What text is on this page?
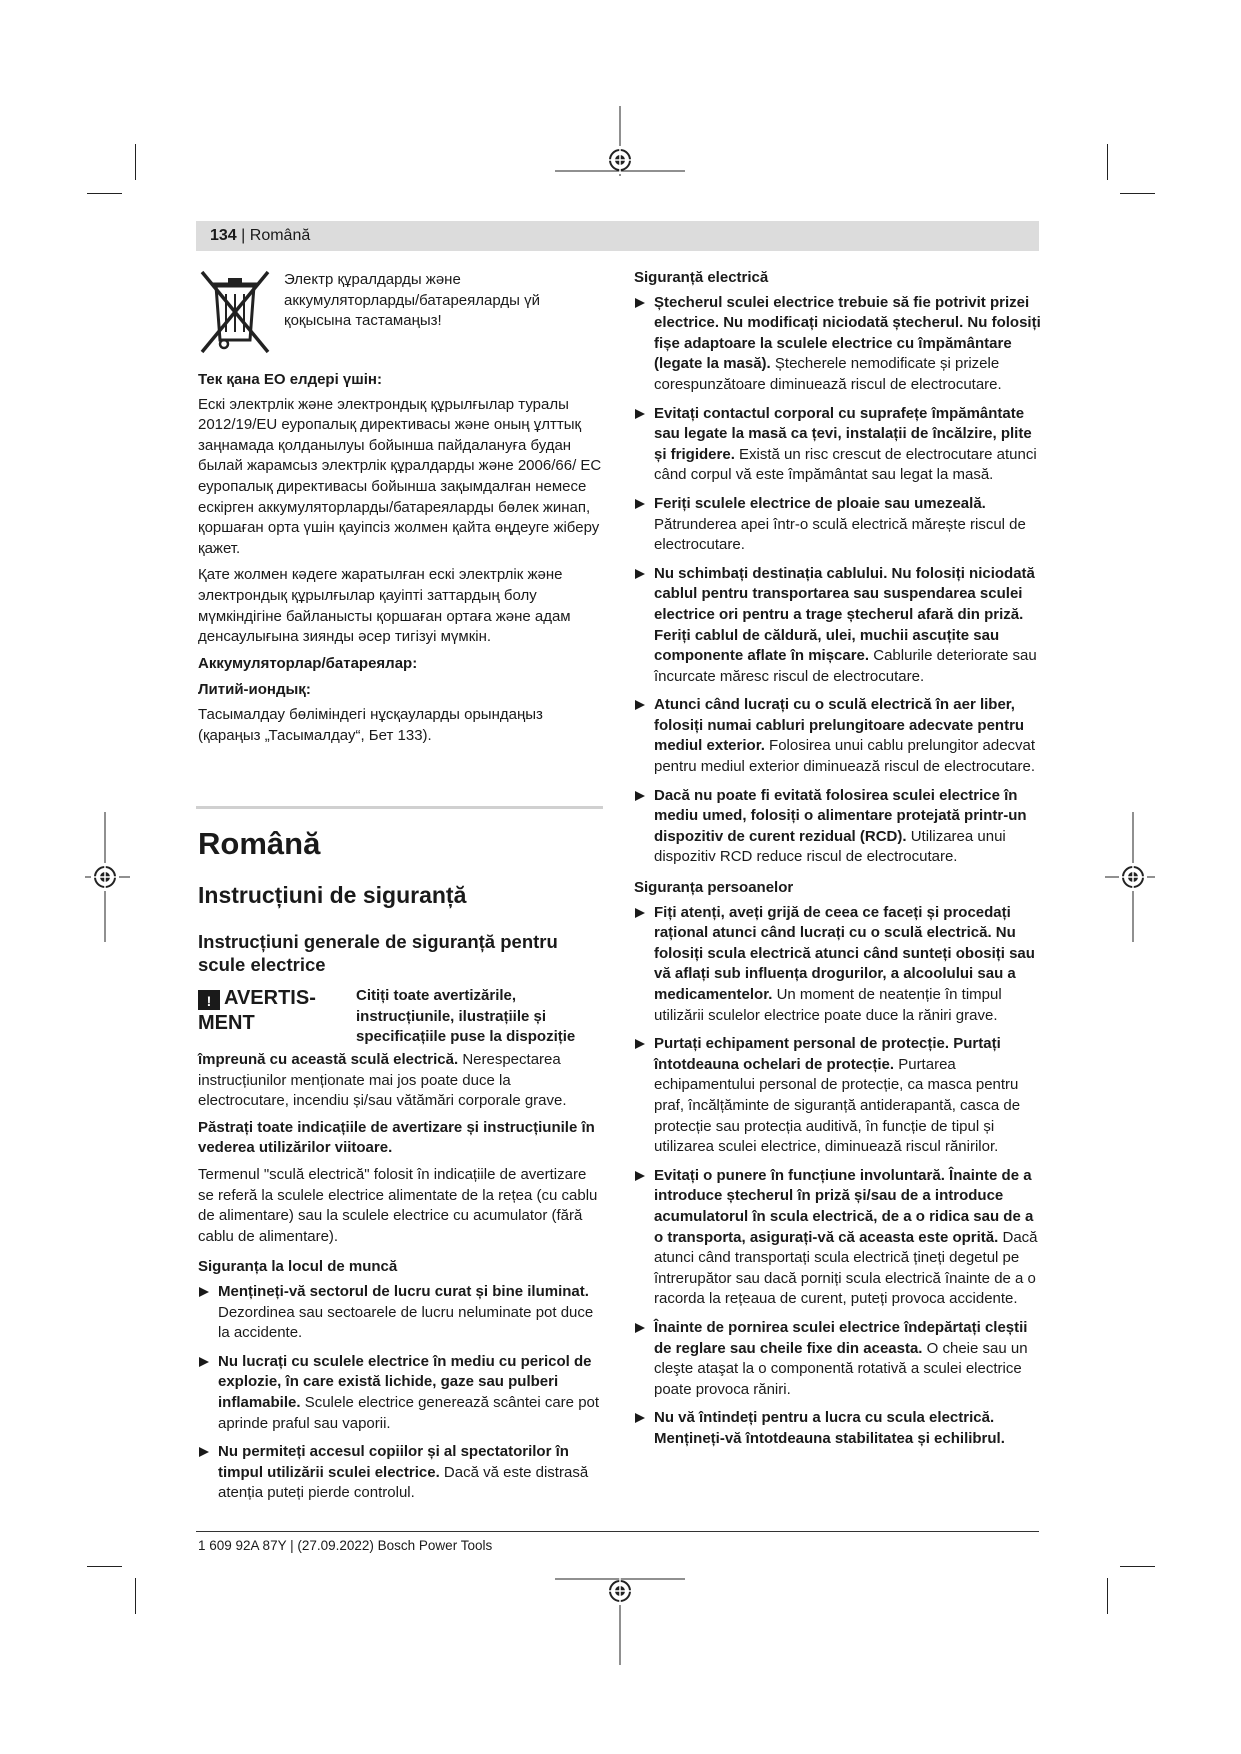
134 | Română
Электр құралдарды және аккумуляторларды/батареяларды үй қоқысына тастамаңыз!

Тек қана ЕО елдері үшін:

Ескі электрлік және электрондық құрылғылар туралы 2012/19/EU еуропалық директивасы және оның ұлттық заңнамада қолданылуы бойынша пайдалануға будан былай жарамсыз электрлік құралдарды және 2006/66/ EC еуропалық директивасы бойынша зақымдалған немесе ескірген аккумуляторларды/батареяларды бөлек жинап, қоршаған орта үшін қауіпсіз жолмен қайта өңдеуге жіберу қажет.

Қате жолмен кәдеге жаратылған ескі электрлік және электрондық құрылғылар қауіпті заттардың болу мүмкіндігіне байланысты қоршаған ортаға және адам денсаулығына зиянды әсер тигізуі мүмкін.

Аккумуляторлар/батареялар:

Литий-иондық:

Тасымалдау бөліміндегі нұсқауларды орындаңыз (қараңыз „Тасымалдау“, Бет 133).

Română
Instrucțiuni de siguranță
Instrucțiuni generale de siguranță pentru scule electrice
! AVERTIS- MENT
Citiți toate avertizările, instrucțiunile, ilustrațiile și specificațiile puse la dispoziție

împreună cu această sculă electrică. Nerespectarea instrucțiunilor menționate mai jos poate duce la electrocutare, incendiu și/sau vătămări corporale grave.

Păstrați toate indicațiile de avertizare și instrucțiunile în vederea utilizărilor viitoare.

Termenul "sculă electrică" folosit în indicațiile de avertizare se referă la sculele electrice alimentate de la rețea (cu cablu de alimentare) sau la sculele electrice cu acumulator (fără cablu de alimentare).

Siguranța la locul de muncă

Mențineți-vă sectorul de lucru curat și bine iluminat. Dezordinea sau sectoarele de lucru neluminate pot duce la accidente.
Nu lucrați cu sculele electrice în mediu cu pericol de explozie, în care există lichide, gaze sau pulberi inflamabile. Sculele electrice generează scântei care pot aprinde praful sau vaporii.
Nu permiteți accesul copiilor și al spectatorilor în timpul utilizării sculei electrice. Dacă vă este distrasă atenția puteți pierde controlul.

Siguranță electrică

Ștecherul sculei electrice trebuie să fie potrivit prizei electrice. Nu modificați niciodată ștecherul. Nu folosiți fișe adaptoare la sculele electrice cu împământare (legate la masă). Ștecherele nemodificate și prizele corespunzătoare diminuează riscul de electrocutare.
Evitați contactul corporal cu suprafețe împământate sau legate la masă ca țevi, instalații de încălzire, plite și frigidere. Există un risc crescut de electrocutare atunci când corpul vă este împământat sau legat la masă.
Feriți sculele electrice de ploaie sau umezeală. Pătrunderea apei într-o sculă electrică mărește riscul de electrocutare.
Nu schimbați destinația cablului. Nu folosiți niciodată cablul pentru transportarea sau suspendarea sculei electrice ori pentru a trage ștecherul afară din priză. Feriți cablul de căldură, ulei, muchii ascuțite sau componente aflate în mișcare. Cablurile deteriorate sau încurcate măresc riscul de electrocutare.
Atunci când lucrați cu o sculă electrică în aer liber, folosiți numai cabluri prelungitoare adecvate pentru mediul exterior. Folosirea unui cablu prelungitor adecvat pentru mediul exterior diminuează riscul de electrocutare.
Dacă nu poate fi evitată folosirea sculei electrice în mediu umed, folosiți o alimentare protejată printr-un dispozitiv de curent rezidual (RCD). Utilizarea unui dispozitiv RCD reduce riscul de electrocutare.

Siguranța persoanelor

Fiți atenți, aveți grijă de ceea ce faceți și procedați rațional atunci când lucrați cu o sculă electrică. Nu folosiți scula electrică atunci când sunteți obosiți sau vă aflați sub influența drogurilor, a alcoolului sau a medicamentelor. Un moment de neatenție în timpul utilizării sculelor electrice poate duce la răniri grave.
Purtați echipament personal de protecție. Purtați întotdeauna ochelari de protecție. Purtarea echipamentului personal de protecție, ca masca pentru praf, încălțăminte de siguranță antiderapantă, casca de protecție sau protecția auditivă, în funcție de tipul și utilizarea sculei electrice, diminuează riscul rănirilor.
Evitați o punere în funcțiune involuntară. Înainte de a introduce ștecherul în priză și/sau de a introduce acumulatorul în scula electrică, de a o ridica sau de a o transporta, asigurați-vă că aceasta este oprită. Dacă atunci când transportați scula electrică țineți degetul pe întrerupător sau dacă porniți scula electrică înainte de a o racorda la rețeaua de curent, puteți provoca accidente.
Înainte de pornirea sculei electrice îndepărtați cleștii de reglare sau cheile fixe din aceasta. O cheie sau un cleşte ataşat la o componentă rotativă a sculei electrice poate provoca răniri.
Nu vă întindeți pentru a lucra cu scula electrică. Mențineți-vă întotdeauna stabilitatea și echilibrul.
1 609 92A 87Y | (27.09.2022) Bosch Power Tools
